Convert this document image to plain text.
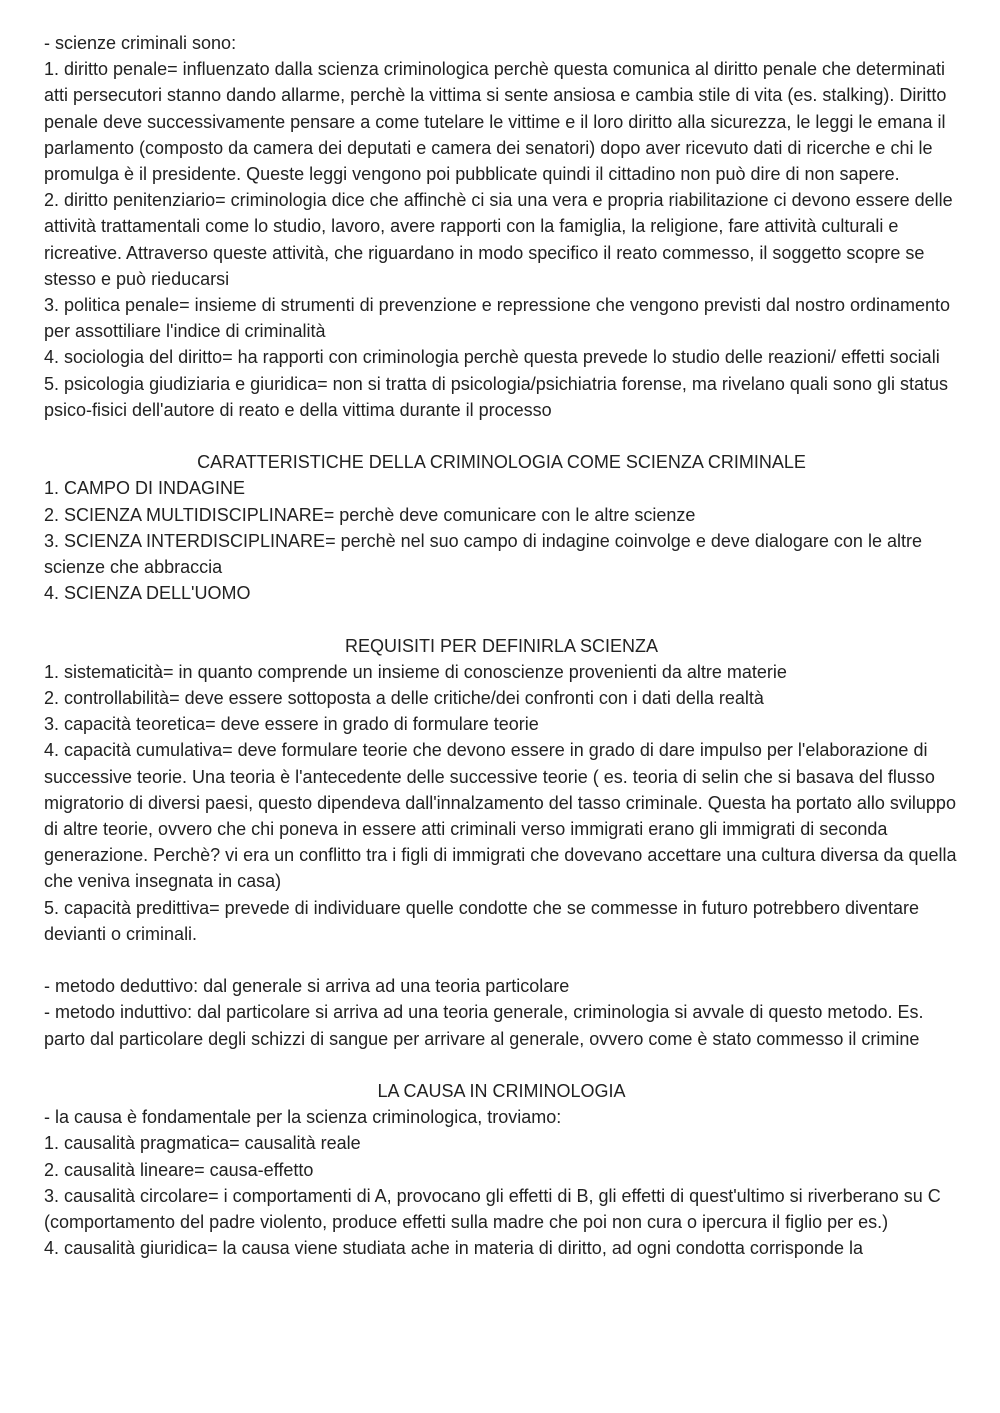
- scienze criminali sono:

1. diritto penale= influenzato dalla scienza criminologica perchè questa comunica al diritto penale che determinati atti persecutori stanno dando allarme, perchè la vittima si sente ansiosa e cambia stile di vita (es. stalking). Diritto penale deve successivamente pensare a come tutelare le vittime e il loro diritto alla sicurezza, le leggi le emana il parlamento (composto da camera dei deputati e camera dei senatori) dopo aver ricevuto dati di ricerche e chi le promulga è il presidente. Queste leggi vengono poi pubblicate quindi il cittadino non può dire di non sapere.

2. diritto penitenziario= criminologia dice che affinchè ci sia una vera e propria riabilitazione ci devono essere delle attività trattamentali come lo studio, lavoro, avere rapporti con la famiglia, la religione, fare attività culturali e ricreative. Attraverso queste attività, che riguardano in modo specifico il reato commesso, il soggetto scopre se stesso e può rieducarsi

3. politica penale= insieme di strumenti di prevenzione e repressione che vengono previsti dal nostro ordinamento per assottiliare l'indice di criminalità

4. sociologia del diritto= ha rapporti con criminologia perchè questa prevede lo studio delle reazioni/ effetti sociali

5. psicologia giudiziaria e giuridica= non si tratta di psicologia/psichiatria forense, ma rivelano quali sono gli status psico-fisici dell'autore di reato e della vittima durante il processo

CARATTERISTICHE DELLA CRIMINOLOGIA COME SCIENZA CRIMINALE

1. CAMPO DI INDAGINE

2. SCIENZA MULTIDISCIPLINARE= perchè deve comunicare con le altre scienze

3. SCIENZA INTERDISCIPLINARE= perchè nel suo campo di indagine coinvolge e deve dialogare con le altre scienze che abbraccia

4. SCIENZA DELL'UOMO

REQUISITI PER DEFINIRLA SCIENZA

1. sistematicità= in quanto comprende un insieme di conoscienze provenienti da altre materie

2. controllabilità= deve essere sottoposta a delle critiche/dei confronti con i dati della realtà

3. capacità teoretica= deve essere in grado di formulare teorie

4. capacità cumulativa= deve formulare teorie che devono essere in grado di dare impulso per l'elaborazione di successive teorie. Una teoria è l'antecedente delle successive teorie ( es. teoria di selin che si basava del flusso migratorio di diversi paesi, questo dipendeva dall'innalzamento del tasso criminale. Questa ha portato allo sviluppo di altre teorie, ovvero che chi poneva in essere atti criminali verso immigrati erano gli immigrati di seconda generazione. Perchè? vi era un conflitto tra i figli di immigrati che dovevano accettare una cultura diversa da quella che veniva insegnata in casa)

5. capacità predittiva= prevede di individuare quelle condotte che se commesse in futuro potrebbero diventare devianti o criminali.

- metodo deduttivo: dal generale si arriva ad una teoria particolare

- metodo induttivo: dal particolare si arriva ad una teoria generale, criminologia si avvale di questo metodo. Es. parto dal particolare degli schizzi di sangue per arrivare al generale, ovvero come è stato commesso il crimine

LA CAUSA IN CRIMINOLOGIA

- la causa è fondamentale per la scienza criminologica, troviamo:

1. causalità pragmatica= causalità reale

2. causalità lineare= causa-effetto

3. causalità circolare= i comportamenti di A, provocano gli effetti di B, gli effetti di quest'ultimo si riverberano su C (comportamento del padre violento, produce effetti sulla madre che poi non cura o ipercura il figlio per es.)

4. causalità giuridica= la causa viene studiata ache in materia di diritto, ad ogni condotta corrisponde la
